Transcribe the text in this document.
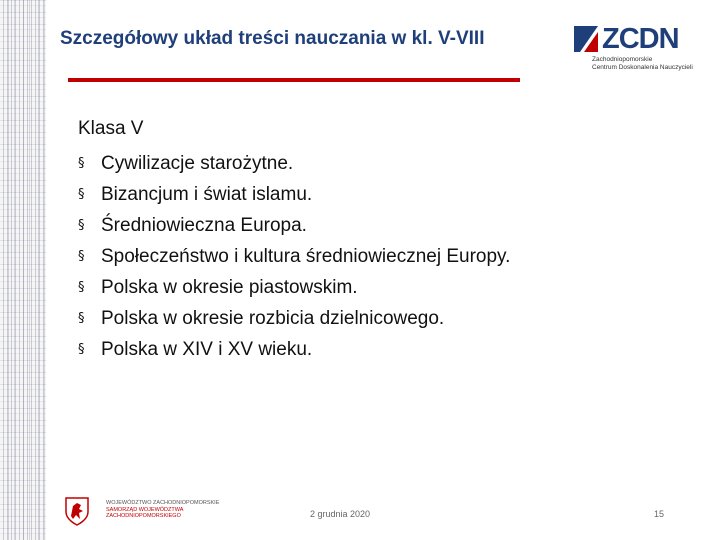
Szczegółowy układ treści nauczania w kl. V-VIII	ZCDN
Zachodniopomorskie
Centrum Doskonalenia Nauczycieli
Klasa V
§ Cywilizacje starożytne.
§ Bizancjum i świat islamu.
§ Średniowieczna Europa.
§ Społeczeństwo i kultura średniowiecznej Europy.
§ Polska w okresie piastowskim.
§ Polska w okresie rozbicia dzielnicowego.
§ Polska w XIV i XV wieku.
WOJEWÓDZTWO ZACHODNIOPOMORSKIE
SAMORZĄD WOJEWÓDZTWA
ZACHODNIOPOMORSKIEGO	2 grudnia 2020	15
